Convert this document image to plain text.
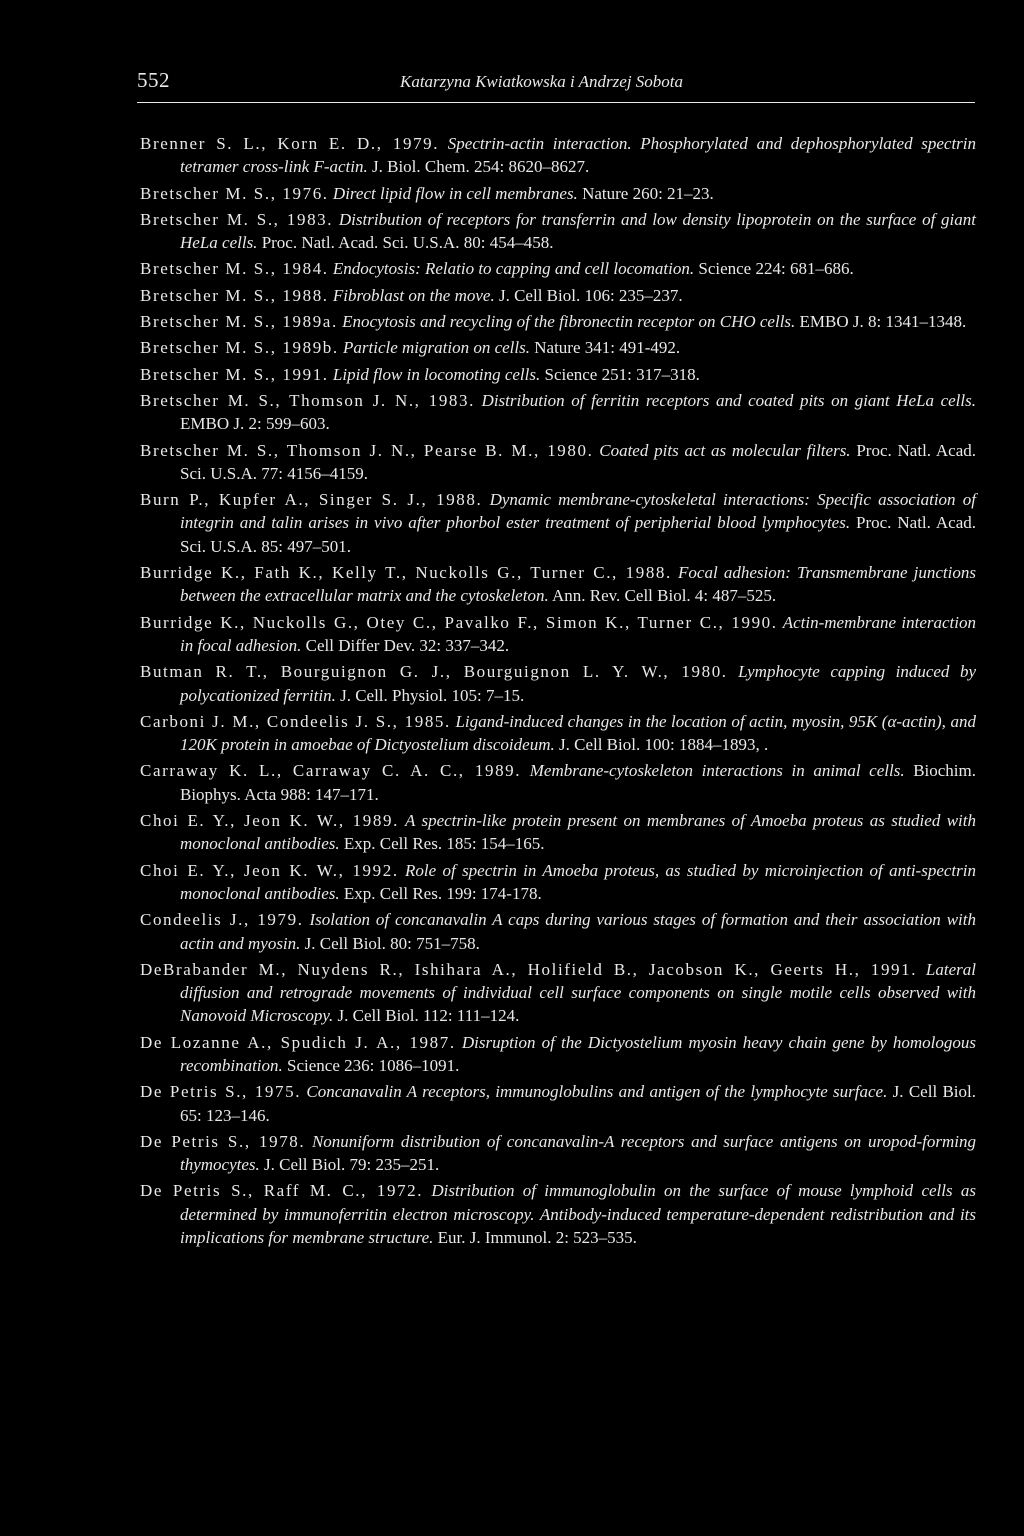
552	Katarzyna Kwiatkowska i Andrzej Sobota

Brenner S. L., Korn E. D., 1979. Spectrin-actin interaction. Phosphorylated and dephosphorylated spectrin tetramer cross-link F-actin. J. Biol. Chem. 254: 8620–8627.

Bretscher M. S., 1976. Direct lipid flow in cell membranes. Nature 260: 21–23.

Bretscher M. S., 1983. Distribution of receptors for transferrin and low density lipoprotein on the surface of giant HeLa cells. Proc. Natl. Acad. Sci. U.S.A. 80: 454–458.

Bretscher M. S., 1984. Endocytosis: Relatio to capping and cell locomation. Science 224: 681–686.

Bretscher M. S., 1988. Fibroblast on the move. J. Cell Biol. 106: 235–237.

Bretscher M. S., 1989a. Enocytosis and recycling of the fibronectin receptor on CHO cells. EMBO J. 8: 1341–1348.

Bretscher M. S., 1989b. Particle migration on cells. Nature 341: 491-492.

Bretscher M. S., 1991. Lipid flow in locomoting cells. Science 251: 317–318.

Bretscher M. S., Thomson J. N., 1983. Distribution of ferritin receptors and coated pits on giant HeLa cells. EMBO J. 2: 599–603.

Bretscher M. S., Thomson J. N., Pearse B. M., 1980. Coated pits act as molecular filters. Proc. Natl. Acad. Sci. U.S.A. 77: 4156–4159.

Burn P., Kupfer A., Singer S. J., 1988. Dynamic membrane-cytoskeletal interactions: Specific association of integrin and talin arises in vivo after phorbol ester treatment of peripherial blood lymphocytes. Proc. Natl. Acad. Sci. U.S.A. 85: 497–501.

Burridge K., Fath K., Kelly T., Nuckolls G., Turner C., 1988. Focal adhesion: Transmembrane junctions between the extracellular matrix and the cytoskeleton. Ann. Rev. Cell Biol. 4: 487–525.

Burridge K., Nuckolls G., Otey C., Pavalko F., Simon K., Turner C., 1990. Actin-membrane interaction in focal adhesion. Cell Differ Dev. 32: 337–342.

Butman R. T., Bourguignon G. J., Bourguignon L. Y. W., 1980. Lymphocyte capping induced by polycationized ferritin. J. Cell. Physiol. 105: 7–15.

Carboni J. M., Condeelis J. S., 1985. Ligand-induced changes in the location of actin, myosin, 95K (α-actin), and 120K protein in amoebae of Dictyostelium discoideum. J. Cell Biol. 100: 1884–1893, .

Carraway K. L., Carraway C. A. C., 1989. Membrane-cytoskeleton interactions in animal cells. Biochim. Biophys. Acta 988: 147–171.

Choi E. Y., Jeon K. W., 1989. A spectrin-like protein present on membranes of Amoeba proteus as studied with monoclonal antibodies. Exp. Cell Res. 185: 154–165.

Choi E. Y., Jeon K. W., 1992. Role of spectrin in Amoeba proteus, as studied by microinjection of anti-spectrin monoclonal antibodies. Exp. Cell Res. 199: 174-178.

Condeelis J., 1979. Isolation of concanavalin A caps during various stages of formation and their association with actin and myosin. J. Cell Biol. 80: 751–758.

DeBrabander M., Nuydens R., Ishihara A., Holifield B., Jacobson K., Geerts H., 1991. Lateral diffusion and retrograde movements of individual cell surface components on single motile cells observed with Nanovoid Microscopy. J. Cell Biol. 112: 111–124.

De Lozanne A., Spudich J. A., 1987. Disruption of the Dictyostelium myosin heavy chain gene by homologous recombination. Science 236: 1086–1091.

De Petris S., 1975. Concanavalin A receptors, immunoglobulins and antigen of the lymphocyte surface. J. Cell Biol. 65: 123–146.

De Petris S., 1978. Nonuniform distribution of concanavalin-A receptors and surface antigens on uropod-forming thymocytes. J. Cell Biol. 79: 235–251.

De Petris S., Raff M. C., 1972. Distribution of immunoglobulin on the surface of mouse lymphoid cells as determined by immunoferritin electron microscopy. Antibody-induced temperature-dependent redistribution and its implications for membrane structure. Eur. J. Immunol. 2: 523–535.
